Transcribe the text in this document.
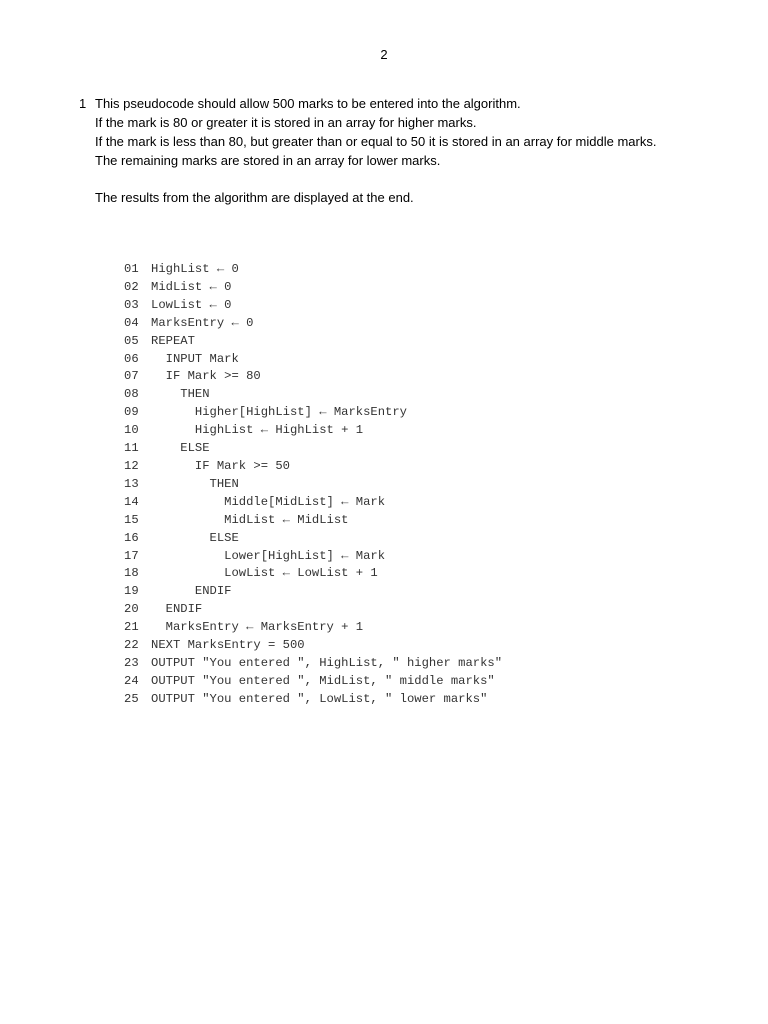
2
1 This pseudocode should allow 500 marks to be entered into the algorithm.
If the mark is 80 or greater it is stored in an array for higher marks.
If the mark is less than 80, but greater than or equal to 50 it is stored in an array for middle marks.
The remaining marks are stored in an array for lower marks.
The results from the algorithm are displayed at the end.
01	HighList ← 0
02	MidList ← 0
03	LowList ← 0
04	MarksEntry ← 0
05	REPEAT
06	INPUT Mark
07	IF Mark >= 80
08	THEN
09	Higher[HighList] ← MarksEntry
10	HighList ← HighList + 1
11	ELSE
12	IF Mark >= 50
13	THEN
14	Middle[MidList] ← Mark
15	MidList ← MidList
16	ELSE
17	Lower[HighList] ← Mark
18	LowList ← LowList + 1
19	ENDIF
20	ENDIF
21	MarksEntry ← MarksEntry + 1
22	NEXT MarksEntry = 500
23	OUTPUT "You entered ", HighList, " higher marks"
24	OUTPUT "You entered ", MidList, " middle marks"
25	OUTPUT "You entered ", LowList, " lower marks"
